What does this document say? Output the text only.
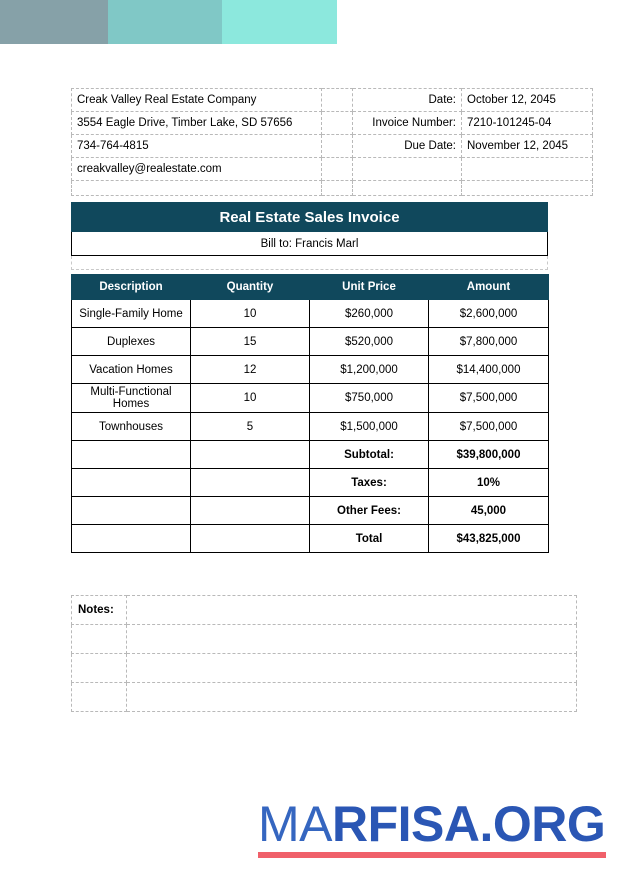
Creak Valley Real Estate Company		Date:	October 12, 2045
3554 Eagle Drive, Timber Lake, SD 57656		Invoice Number:	7210-101245-04
734-764-4815		Due Date:	November 12, 2045
creakvalley@realestate.com			

Real Estate Sales Invoice
Bill to: Francis Marl
Description	Quantity	Unit Price	Amount
Single-Family Home	10	$260,000	$2,600,000
Duplexes	15	$520,000	$7,800,000
Vacation Homes	12	$1,200,000	$14,400,000
Multi-Functional Homes	10	$750,000	$7,500,000
Townhouses	5	$1,500,000	$7,500,000
		Subtotal:	$39,800,000
		Taxes:	10%
		Other Fees:	45,000
		Total	$43,825,000
Notes:	

MARFISA.ORG
